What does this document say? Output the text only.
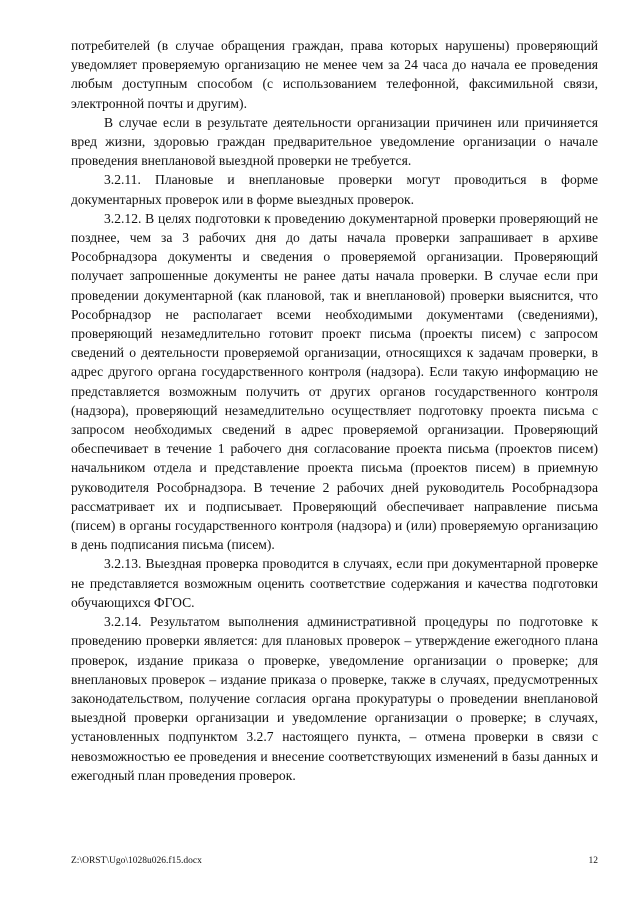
потребителей (в случае обращения граждан, права которых нарушены) проверяющий уведомляет проверяемую организацию не менее чем за 24 часа до начала ее проведения любым доступным способом (с использованием телефонной, факсимильной связи, электронной почты и другим).

В случае если в результате деятельности организации причинен или причиняется вред жизни, здоровью граждан предварительное уведомление организации о начале проведения внеплановой выездной проверки не требуется.

3.2.11. Плановые и внеплановые проверки могут проводиться в форме документарных проверок или в форме выездных проверок.

3.2.12. В целях подготовки к проведению документарной проверки проверяющий не позднее, чем за 3 рабочих дня до даты начала проверки запрашивает в архиве Рособрнадзора документы и сведения о проверяемой организации. Проверяющий получает запрошенные документы не ранее даты начала проверки. В случае если при проведении документарной (как плановой, так и внеплановой) проверки выяснится, что Рособрнадзор не располагает всеми необходимыми документами (сведениями), проверяющий незамедлительно готовит проект письма (проекты писем) с запросом сведений о деятельности проверяемой организации, относящихся к задачам проверки, в адрес другого органа государственного контроля (надзора). Если такую информацию не представляется возможным получить от других органов государственного контроля (надзора), проверяющий незамедлительно осуществляет подготовку проекта письма с запросом необходимых сведений в адрес проверяемой организации. Проверяющий обеспечивает в течение 1 рабочего дня согласование проекта письма (проектов писем) начальником отдела и представление проекта письма (проектов писем) в приемную руководителя Рособрнадзора. В течение 2 рабочих дней руководитель Рособрнадзора рассматривает их и подписывает. Проверяющий обеспечивает направление письма (писем) в органы государственного контроля (надзора) и (или) проверяемую организацию в день подписания письма (писем).

3.2.13. Выездная проверка проводится в случаях, если при документарной проверке не представляется возможным оценить соответствие содержания и качества подготовки обучающихся ФГОС.

3.2.14. Результатом выполнения административной процедуры по подготовке к проведению проверки является: для плановых проверок – утверждение ежегодного плана проверок, издание приказа о проверке, уведомление организации о проверке; для внеплановых проверок – издание приказа о проверке, также в случаях, предусмотренных законодательством, получение согласия органа прокуратуры о проведении внеплановой выездной проверки организации и уведомление организации о проверке; в случаях, установленных подпунктом 3.2.7 настоящего пункта, – отмена проверки в связи с невозможностью ее проведения и внесение соответствующих изменений в базы данных и ежегодный план проведения проверок.

Z:\ORST\Ugo\1028u026.f15.docx	12
